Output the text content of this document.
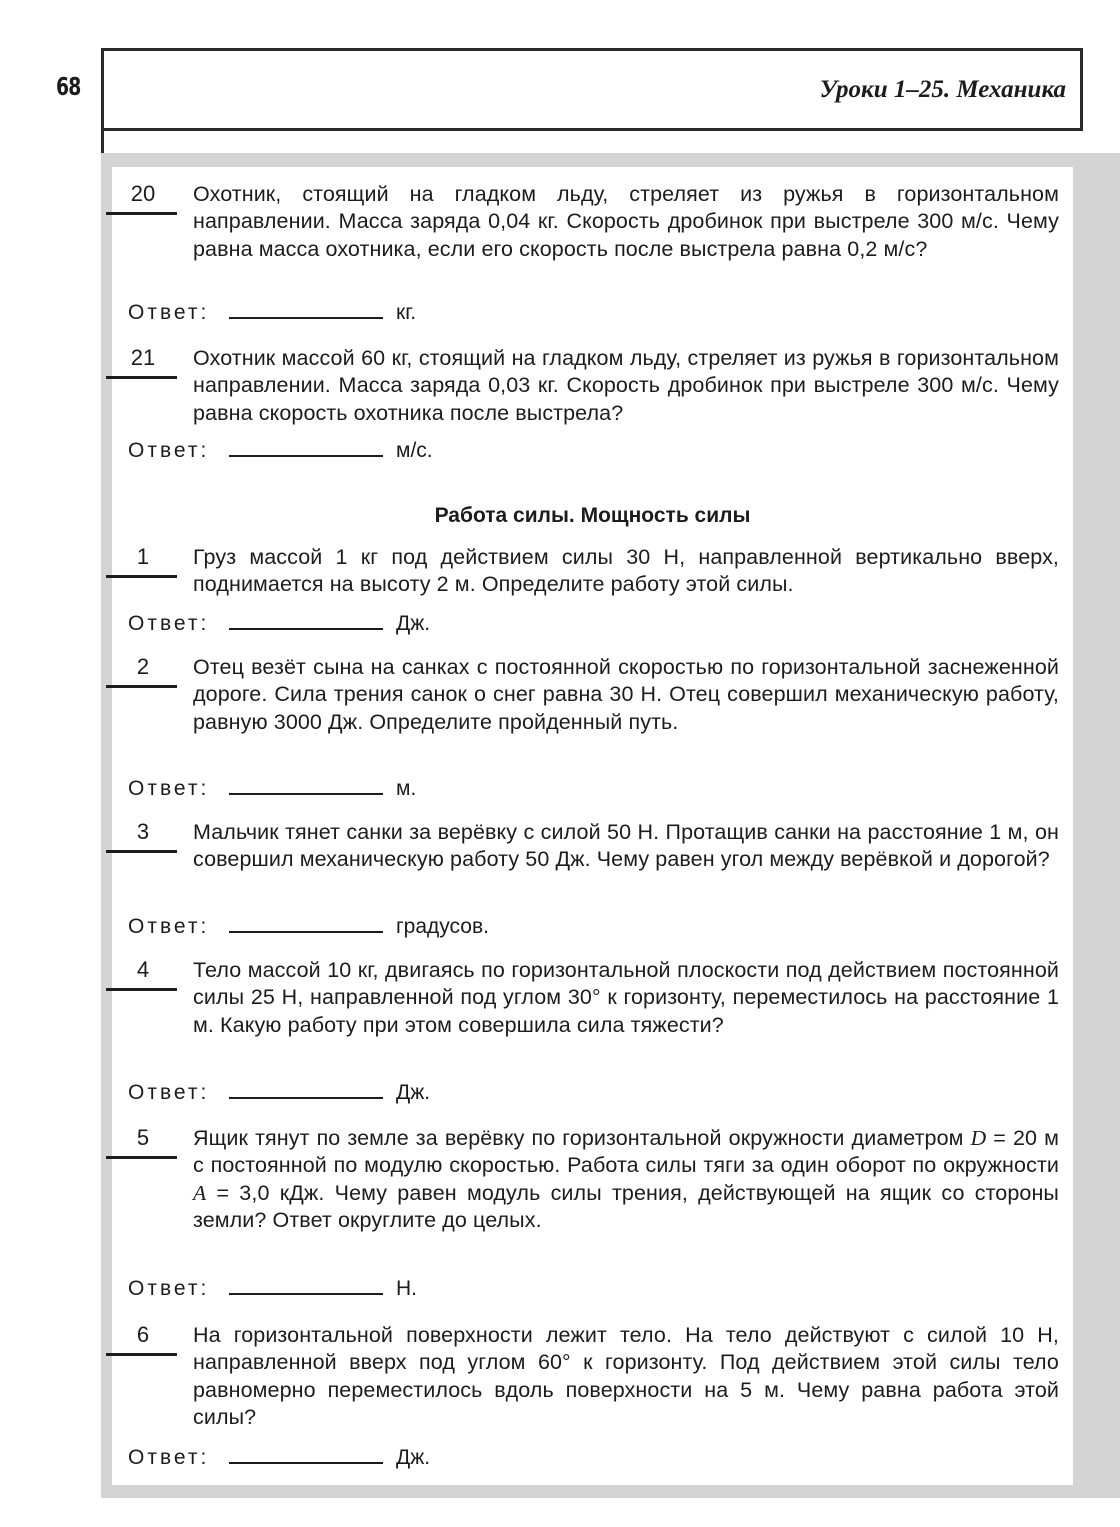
68	Уроки 1–25. Механика
20	Охотник, стоящий на гладком льду, стреляет из ружья в горизонтальном направлении. Масса заряда 0,04 кг. Скорость дробинок при выстреле 300 м/с. Чему равна масса охотника, если его скорость после выстрела равна 0,2 м/с?
Ответ:	кг.
21	Охотник массой 60 кг, стоящий на гладком льду, стреляет из ружья в горизонтальном направлении. Масса заряда 0,03 кг. Скорость дробинок при выстреле 300 м/с. Чему равна скорость охотника после выстрела?
Ответ:	м/с.
Работа силы. Мощность силы
1	Груз массой 1 кг под действием силы 30 Н, направленной вертикально вверх, поднимается на высоту 2 м. Определите работу этой силы.
Ответ:	Дж.
2	Отец везёт сына на санках с постоянной скоростью по горизонтальной заснеженной дороге. Сила трения санок о снег равна 30 Н. Отец совершил механическую работу, равную 3000 Дж. Определите пройденный путь.
Ответ:	м.
3	Мальчик тянет санки за верёвку с силой 50 Н. Протащив санки на расстояние 1 м, он совершил механическую работу 50 Дж. Чему равен угол между верёвкой и дорогой?
Ответ:	градусов.
4	Тело массой 10 кг, двигаясь по горизонтальной плоскости под действием постоянной силы 25 Н, направленной под углом 30° к горизонту, переместилось на расстояние 1 м. Какую работу при этом совершила сила тяжести?
Ответ:	Дж.
5	Ящик тянут по земле за верёвку по горизонтальной окружности диаметром D = 20 м с постоянной по модулю скоростью. Работа силы тяги за один оборот по окружности A = 3,0 кДж. Чему равен модуль силы трения, действующей на ящик со стороны земли? Ответ округлите до целых.
Ответ:	Н.
6	На горизонтальной поверхности лежит тело. На тело действуют с силой 10 Н, направленной вверх под углом 60° к горизонту. Под действием этой силы тело равномерно переместилось вдоль поверхности на 5 м. Чему равна работа этой силы?
Ответ:	Дж.
